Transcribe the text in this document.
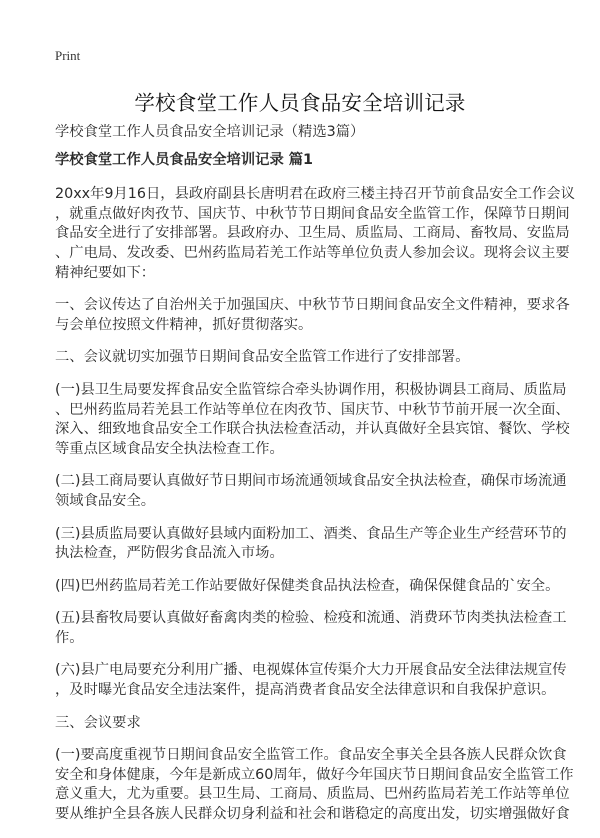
Print
学校食堂工作人员食品安全培训记录
学校食堂工作人员食品安全培训记录（精选3篇）
学校食堂工作人员食品安全培训记录 篇1
20xx年9月16日，县政府副县长唐明君在政府三楼主持召开节前食品安全工作会议
，就重点做好肉孜节、国庆节、中秋节节日期间食品安全监管工作，保障节日期间
食品安全进行了安排部署。县政府办、卫生局、质监局、工商局、畜牧局、安监局
、广电局、发改委、巴州药监局若羌工作站等单位负责人参加会议。现将会议主要
精神纪要如下：
一、会议传达了自治州关于加强国庆、中秋节节日期间食品安全文件精神，要求各
与会单位按照文件精神，抓好贯彻落实。
二、会议就切实加强节日期间食品安全监管工作进行了安排部署。
(一)县卫生局要发挥食品安全监管综合牵头协调作用，积极协调县工商局、质监局
、巴州药监局若羌县工作站等单位在肉孜节、国庆节、中秋节节前开展一次全面、
深入、细致地食品安全工作联合执法检查活动，并认真做好全县宾馆、餐饮、学校
等重点区域食品安全执法检查工作。
(二)县工商局要认真做好节日期间市场流通领域食品安全执法检查，确保市场流通
领域食品安全。
(三)县质监局要认真做好县域内面粉加工、酒类、食品生产等企业生产经营环节的
执法检查，严防假劣食品流入市场。
(四)巴州药监局若羌工作站要做好保健类食品执法检查，确保保健食品的`安全。
(五)县畜牧局要认真做好畜禽肉类的检验、检疫和流通、消费环节肉类执法检查工
作。
(六)县广电局要充分利用广播、电视媒体宣传渠介大力开展食品安全法律法规宣传
，及时曝光食品安全违法案件，提高消费者食品安全法律意识和自我保护意识。
三、会议要求
(一)要高度重视节日期间食品安全监管工作。食品安全事关全县各族人民群众饮食
安全和身体健康，今年是新成立60周年，做好今年国庆节日期间食品安全监管工作
意义重大，尤为重要。县卫生局、工商局、质监局、巴州药监局若羌工作站等单位
要从维护全县各族人民群众切身利益和社会和谐稳定的高度出发，切实增强做好食
